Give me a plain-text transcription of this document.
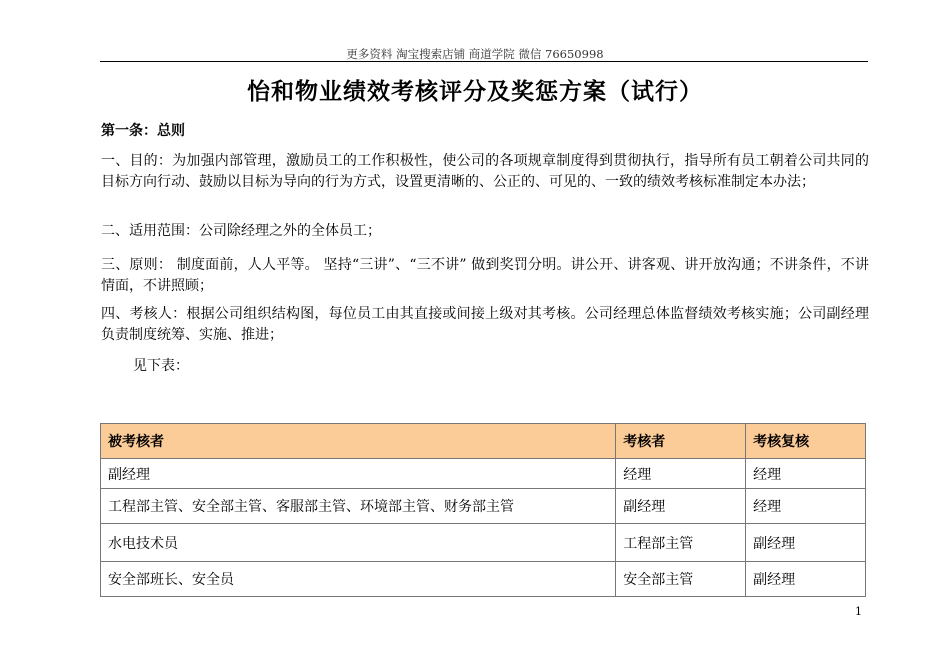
更多资料 淘宝搜索店铺 商道学院 微信 76650998
怡和物业绩效考核评分及奖惩方案（试行）
第一条：总则
一、目的：为加强内部管理，激励员工的工作积极性，使公司的各项规章制度得到贯彻执行，指导所有员工朝着公司共同的目标方向行动、鼓励以目标为导向的行为方式，设置更清晰的、公正的、可见的、一致的绩效考核标准制定本办法；
二、适用范围：公司除经理之外的全体员工；
三、原则： 制度面前，人人平等。 坚持“三讲”、“三不讲” 做到奖罚分明。讲公开、讲客观、讲开放沟通；不讲条件，不讲情面，不讲照顾；
四、考核人：根据公司组织结构图，每位员工由其直接或间接上级对其考核。公司经理总体监督绩效考核实施；公司副经理负责制度统筹、实施、推进；
见下表：
被考核者	考核者	考核复核
副经理	经理	经理
工程部主管、安全部主管、客服部主管、环境部主管、财务部主管	副经理	经理
水电技术员	工程部主管	副经理
安全部班长、安全员	安全部主管	副经理
1
